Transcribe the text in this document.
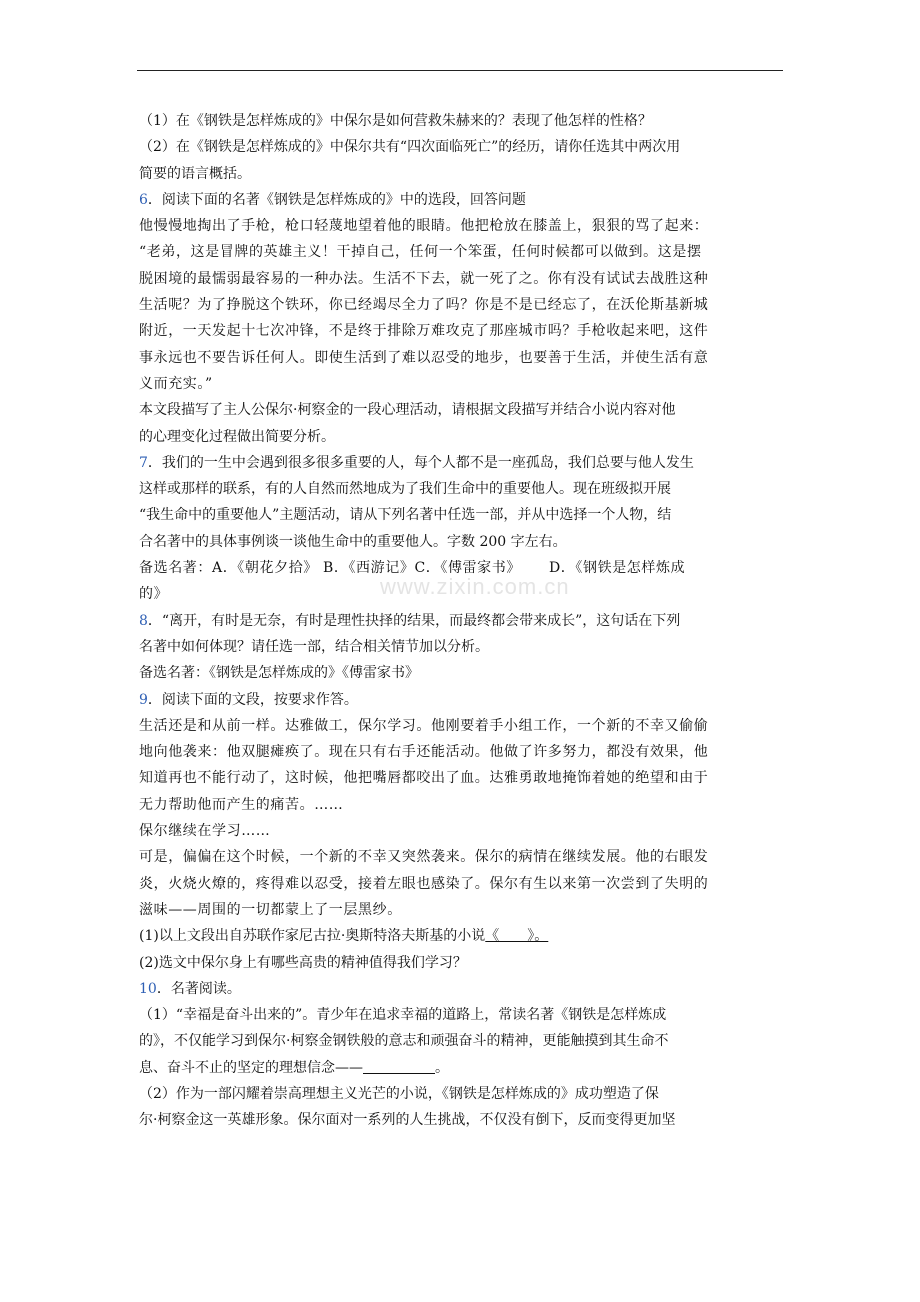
（1）在《钢铁是怎样炼成的》中保尔是如何营救朱赫来的？表现了他怎样的性格？
（2）在《钢铁是怎样炼成的》中保尔共有“四次面临死亡”的经历，请你任选其中两次用
简要的语言概括。
6．阅读下面的名著《钢铁是怎样炼成的》中的选段，回答问题
他慢慢地掏出了手枪，枪口轻蔑地望着他的眼睛。他把枪放在膝盖上，狠狠的骂了起来：
“老弟，这是冒牌的英雄主义！干掉自己，任何一个笨蛋，任何时候都可以做到。这是摆
脱困境的最懦弱最容易的一种办法。生活不下去，就一死了之。你有没有试试去战胜这种
生活呢？为了挣脱这个铁环，你已经竭尽全力了吗？你是不是已经忘了，在沃伦斯基新城
附近，一天发起十七次冲锋，不是终于排除万难攻克了那座城市吗？手枪收起来吧，这件
事永远也不要告诉任何人。即使生活到了难以忍受的地步，也要善于生活，并使生活有意
义而充实。”
本文段描写了主人公保尔·柯察金的一段心理活动，请根据文段描写并结合小说内容对他
的心理变化过程做出简要分析。
7．我们的一生中会遇到很多很多重要的人，每个人都不是一座孤岛，我们总要与他人发生
这样或那样的联系，有的人自然而然地成为了我们生命中的重要他人。现在班级拟开展
“我生命中的重要他人”主题活动，请从下列名著中任选一部，并从中选择一个人物，结
合名著中的具体事例谈一谈他生命中的重要他人。字数 200 字左右。
备选名著：A．《朝花夕拾》 B．《西游记》C．《傅雷家书》 D．《钢铁是怎样炼成
的》
8．“离开，有时是无奈，有时是理性抉择的结果，而最终都会带来成长”，这句话在下列
名著中如何体现？请任选一部，结合相关情节加以分析。
备选名著：《钢铁是怎样炼成的》《傅雷家书》
9．阅读下面的文段，按要求作答。
生活还是和从前一样。达雅做工，保尔学习。他刚要着手小组工作，一个新的不幸又偷偷
地向他袭来：他双腿瘫痪了。现在只有右手还能活动。他做了许多努力，都没有效果，他
知道再也不能行动了，这时候，他把嘴唇都咬出了血。达雅勇敢地掩饰着她的绝望和由于
无力帮助他而产生的痛苦。……
保尔继续在学习……
可是，偏偏在这个时候，一个新的不幸又突然袭来。保尔的病情在继续发展。他的右眼发
炎，火烧火燎的，疼得难以忍受，接着左眼也感染了。保尔有生以来第一次尝到了失明的
滋味——周围的一切都蒙上了一层黑纱。
(1)以上文段出自苏联作家尼古拉·奥斯特洛夫斯基的小说《　　》。
(2)选文中保尔身上有哪些高贵的精神值得我们学习？
10．名著阅读。
（1）“幸福是奋斗出来的”。青少年在追求幸福的道路上，常读名著《钢铁是怎样炼成
的》，不仅能学习到保尔·柯察金钢铁般的意志和顽强奋斗的精神，更能触摸到其生命不
息、奋斗不止的坚定的理想信念——	。
（2）作为一部闪耀着崇高理想主义光芒的小说，《钢铁是怎样炼成的》成功塑造了保
尔·柯察金这一英雄形象。保尔面对一系列的人生挑战，不仅没有倒下，反而变得更加坚
www.zixin.com.cn
